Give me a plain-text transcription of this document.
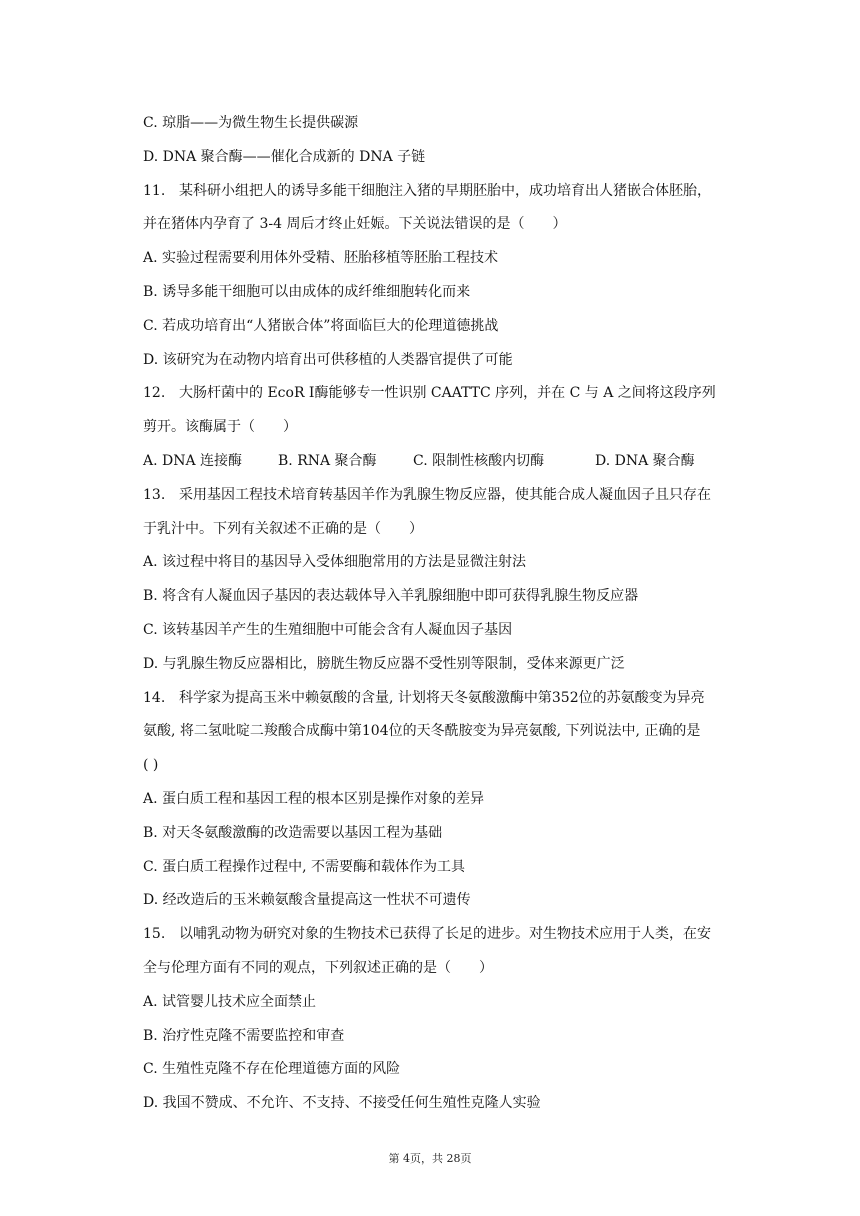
C. 琼脂——为微生物生长提供碳源

D. DNA 聚合酶——催化合成新的 DNA 子链

11. 某科研小组把人的诱导多能干细胞注入猪的早期胚胎中，成功培育出人猪嵌合体胚胎，

并在猪体内孕育了 3-4 周后才终止妊娠。下关说法错误的是（　　）

A. 实验过程需要利用体外受精、胚胎移植等胚胎工程技术

B. 诱导多能干细胞可以由成体的成纤维细胞转化而来

C. 若成功培育出“人猪嵌合体”将面临巨大的伦理道德挑战

D. 该研究为在动物内培育出可供移植的人类器官提供了可能

12. 大肠杆菌中的 EcoR Ⅰ酶能够专一性识别 CAATTC 序列，并在 C 与 A 之间将这段序列

剪开。该酶属于（　　）

A. DNA 连接酶	B. RNA 聚合酶	C. 限制性核酸内切酶	D. DNA 聚合酶

13. 采用基因工程技术培育转基因羊作为乳腺生物反应器，使其能合成人凝血因子且只存在

于乳汁中。下列有关叙述不正确的是（　　）

A. 该过程中将目的基因导入受体细胞常用的方法是显微注射法

B. 将含有人凝血因子基因的表达载体导入羊乳腺细胞中即可获得乳腺生物反应器

C. 该转基因羊产生的生殖细胞中可能会含有人凝血因子基因

D. 与乳腺生物反应器相比，膀胱生物反应器不受性别等限制，受体来源更广泛

14. 科学家为提高玉米中赖氨酸的含量, 计划将天冬氨酸激酶中第352位的苏氨酸变为异亮

氨酸, 将二氢吡啶二羧酸合成酶中第104位的天冬酰胺变为异亮氨酸, 下列说法中, 正确的是

( )

A. 蛋白质工程和基因工程的根本区别是操作对象的差异

B. 对天冬氨酸激酶的改造需要以基因工程为基础

C. 蛋白质工程操作过程中, 不需要酶和载体作为工具

D. 经改造后的玉米赖氨酸含量提高这一性状不可遗传

15. 以哺乳动物为研究对象的生物技术已获得了长足的进步。对生物技术应用于人类，在安

全与伦理方面有不同的观点，下列叙述正确的是（　　）

A. 试管婴儿技术应全面禁止

B. 治疗性克隆不需要监控和审查

C. 生殖性克隆不存在伦理道德方面的风险

D. 我国不赞成、不允许、不支持、不接受任何生殖性克隆人实验

第 4页，共 28页
